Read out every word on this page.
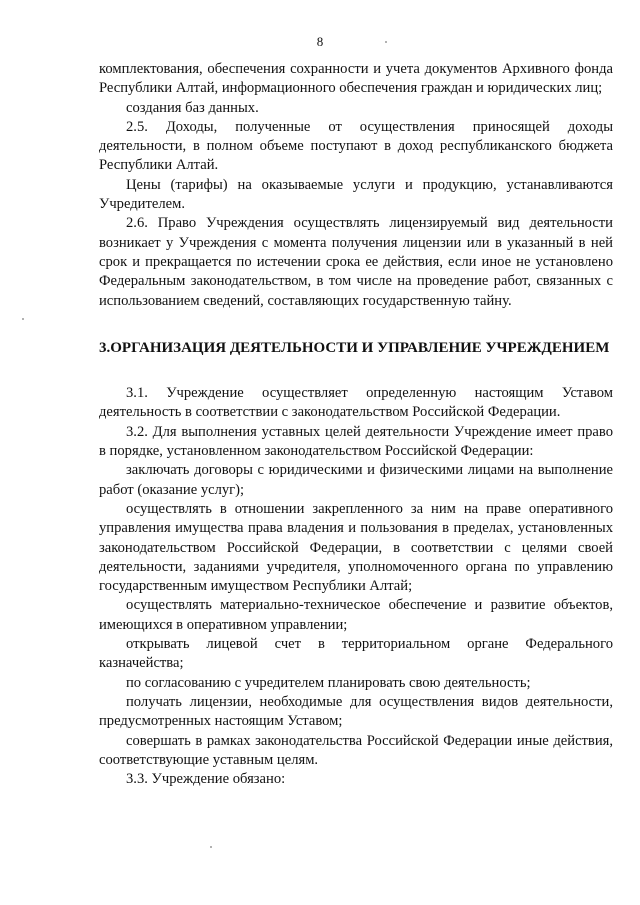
8

комплектования, обеспечения сохранности и учета документов Архивного фонда Республики Алтай, информационного обеспечения граждан и юридических лиц;

создания баз данных.

2.5. Доходы, полученные от осуществления приносящей доходы деятельности, в полном объеме поступают в доход республиканского бюджета Республики Алтай.

Цены (тарифы) на оказываемые услуги и продукцию, устанавливаются Учредителем.

2.6. Право Учреждения осуществлять лицензируемый вид деятельности возникает у Учреждения с момента получения лицензии или в указанный в ней срок и прекращается по истечении срока ее действия, если иное не установлено Федеральным законодательством, в том числе на проведение работ, связанных с использованием сведений, составляющих государственную тайну.

3.ОРГАНИЗАЦИЯ ДЕЯТЕЛЬНОСТИ И УПРАВЛЕНИЕ УЧРЕЖДЕНИЕМ

3.1. Учреждение осуществляет определенную настоящим Уставом деятельность в соответствии с законодательством Российской Федерации.

3.2. Для выполнения уставных целей деятельности Учреждение имеет право в порядке, установленном законодательством Российской Федерации:

заключать договоры с юридическими и физическими лицами на выполнение работ (оказание услуг);

осуществлять в отношении закрепленного за ним на праве оперативного управления имущества права владения и пользования в пределах, установленных законодательством Российской Федерации, в соответствии с целями своей деятельности, заданиями учредителя, уполномоченного органа по управлению государственным имуществом Республики Алтай;

осуществлять материально-техническое обеспечение и развитие объектов, имеющихся в оперативном управлении;

открывать лицевой счет в территориальном органе Федерального казначейства;

по согласованию с учредителем планировать свою деятельность;

получать лицензии, необходимые для осуществления видов деятельности, предусмотренных настоящим Уставом;

совершать в рамках законодательства Российской Федерации иные действия, соответствующие уставным целям.

3.3. Учреждение обязано:
